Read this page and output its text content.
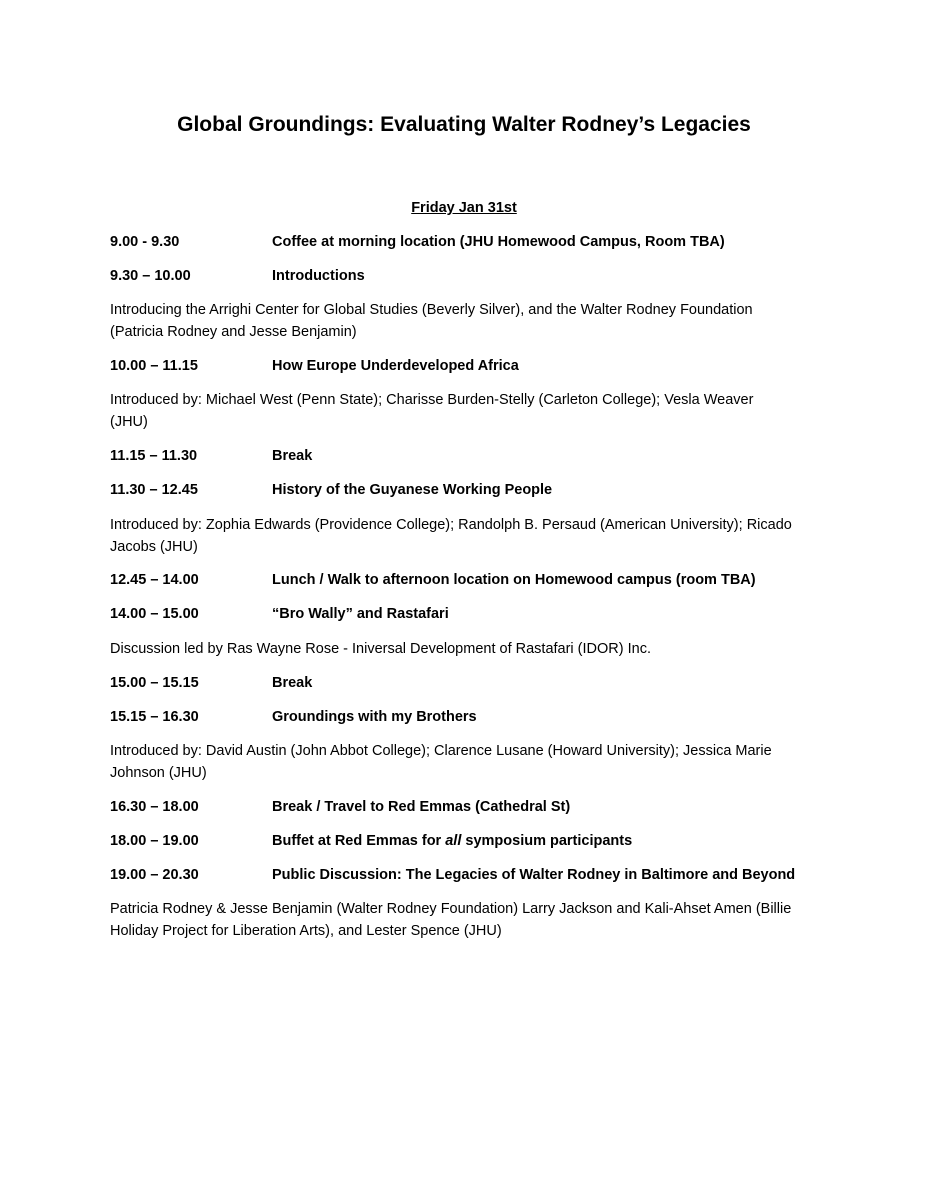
Global Groundings: Evaluating Walter Rodney’s Legacies
Friday Jan 31st
9.00 - 9.30	Coffee at morning location (JHU Homewood Campus, Room TBA)
9.30 – 10.00	Introductions
Introducing the Arrighi Center for Global Studies (Beverly Silver), and the Walter Rodney Foundation
(Patricia Rodney and Jesse Benjamin)
10.00 – 11.15	How Europe Underdeveloped Africa
Introduced by: Michael West (Penn State); Charisse Burden-Stelly (Carleton College); Vesla Weaver
(JHU)
11.15 – 11.30	Break
11.30 – 12.45	History of the Guyanese Working People
Introduced by: Zophia Edwards (Providence College); Randolph B. Persaud (American University); Ricado
Jacobs (JHU)
12.45 – 14.00	Lunch / Walk to afternoon location on Homewood campus (room TBA)
14.00 – 15.00	“Bro Wally” and Rastafari
Discussion led by Ras Wayne Rose - Iniversal Development of Rastafari (IDOR) Inc.
15.00 – 15.15	Break
15.15 – 16.30	Groundings with my Brothers
Introduced by: David Austin (John Abbot College); Clarence Lusane (Howard University); Jessica Marie
Johnson (JHU)
16.30 – 18.00	Break / Travel to Red Emmas (Cathedral St)
18.00 – 19.00	Buffet at Red Emmas for all symposium participants
19.00 – 20.30	Public Discussion: The Legacies of Walter Rodney in Baltimore and Beyond
Patricia Rodney & Jesse Benjamin (Walter Rodney Foundation) Larry Jackson and Kali-Ahset Amen (Billie
Holiday Project for Liberation Arts), and Lester Spence (JHU)
